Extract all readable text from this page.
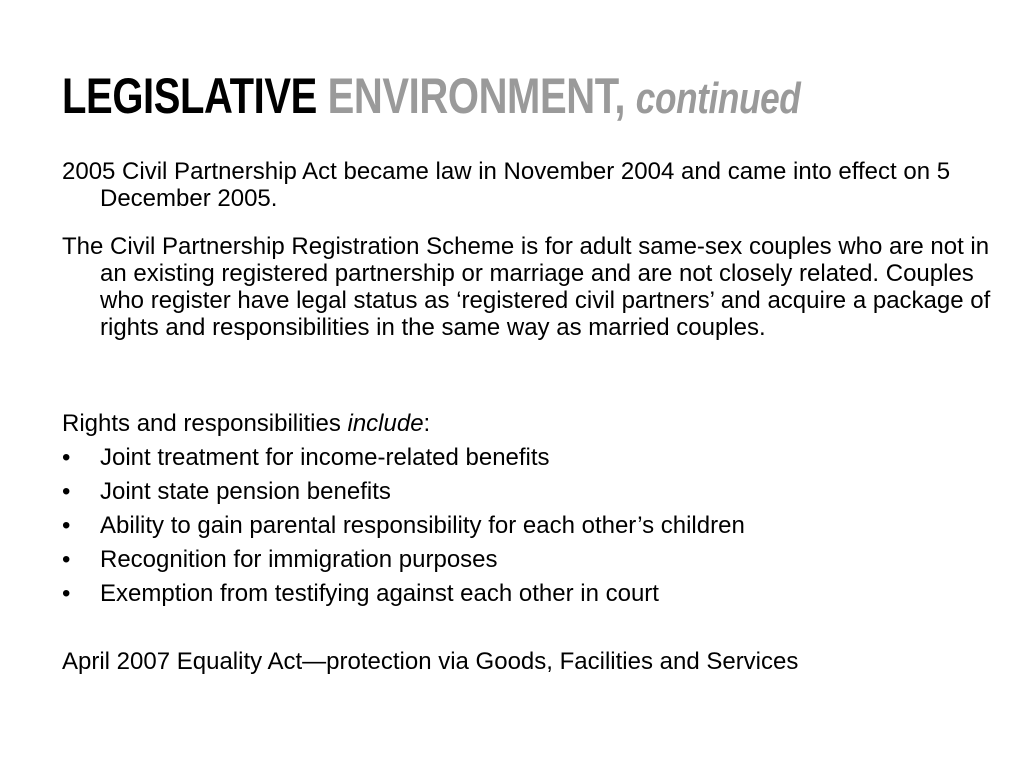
LEGISLATIVE ENVIRONMENT, continued

2005 Civil Partnership Act became law in November 2004 and came into effect on 5 December 2005.

The Civil Partnership Registration Scheme is for adult same-sex couples who are not in an existing registered partnership or marriage and are not closely related. Couples who register have legal status as ‘registered civil partners’ and acquire a package of rights and responsibilities in the same way as married couples.

Rights and responsibilities include:

• Joint treatment for income-related benefits
• Joint state pension benefits
• Ability to gain parental responsibility for each other’s children
• Recognition for immigration purposes
• Exemption from testifying against each other in court

April 2007 Equality Act—protection via Goods, Facilities and Services
